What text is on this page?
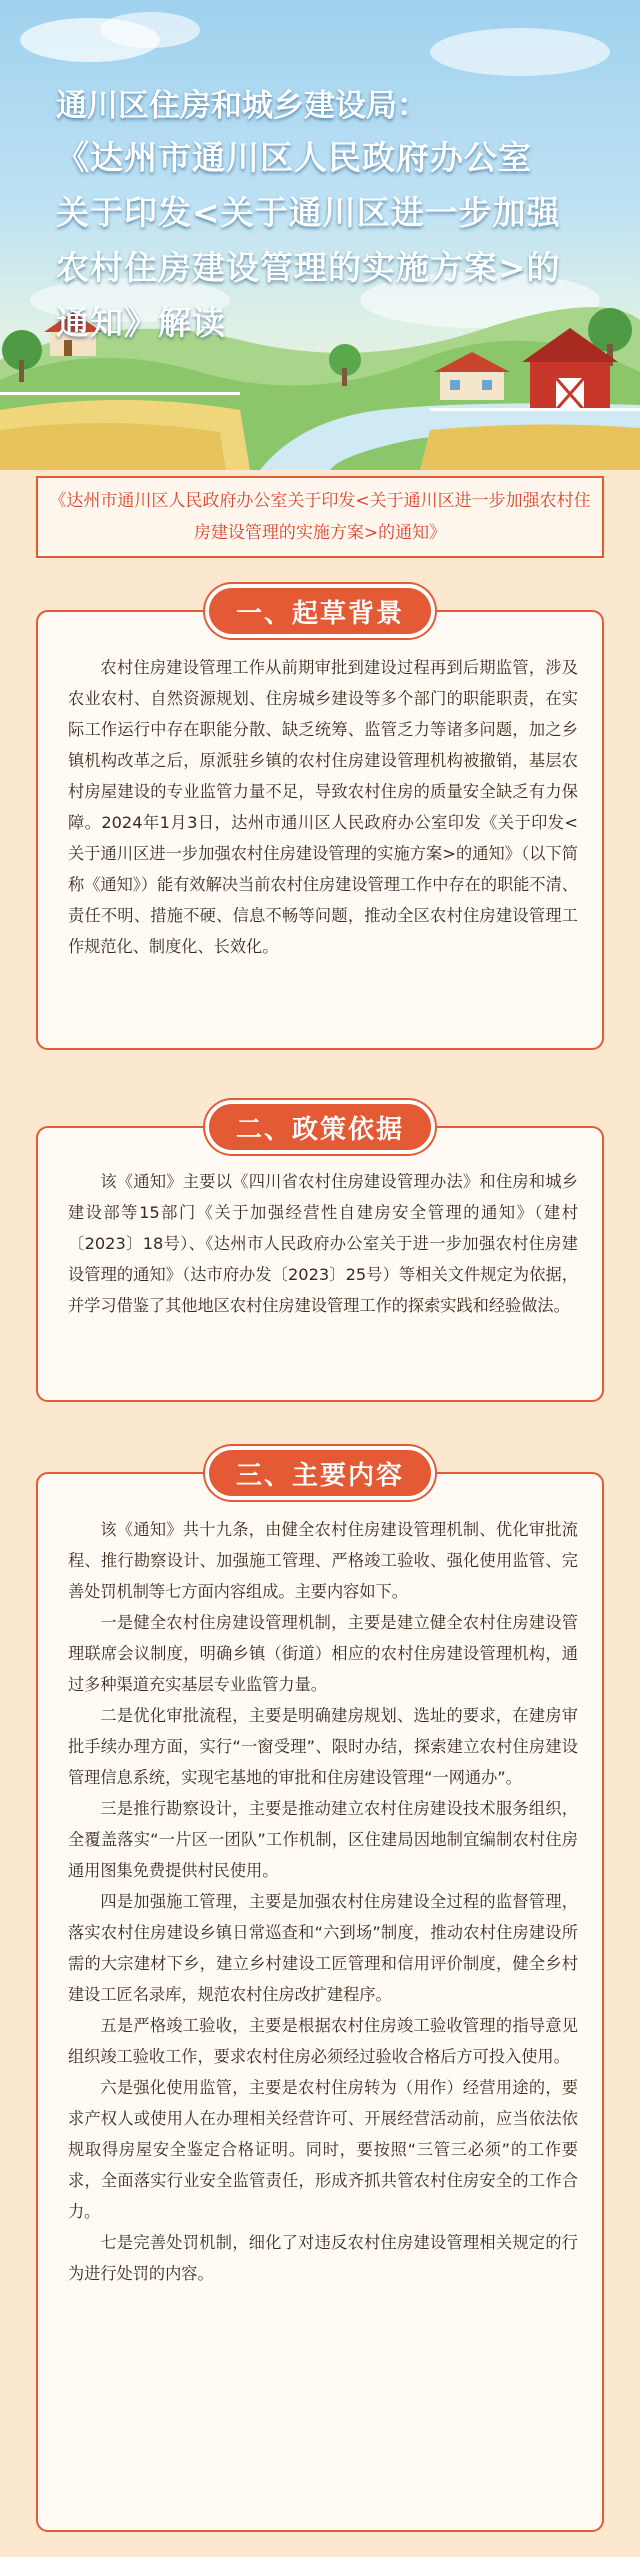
通川区住房和城乡建设局：
《达州市通川区人民政府办公室
关于印发<关于通川区进一步加强
农村住房建设管理的实施方案>的
通知》解读
《达州市通川区人民政府办公室关于印发<关于通川区进一步加强农村住房建设管理的实施方案>的通知》
一、起草背景

农村住房建设管理工作从前期审批到建设过程再到后期监管，涉及农业农村、自然资源规划、住房城乡建设等多个部门的职能职责，在实际工作运行中存在职能分散、缺乏统筹、监管乏力等诸多问题，加之乡镇机构改革之后，原派驻乡镇的农村住房建设管理机构被撤销，基层农村房屋建设的专业监管力量不足，导致农村住房的质量安全缺乏有力保障。2024年1月3日，达州市通川区人民政府办公室印发《关于印发<关于通川区进一步加强农村住房建设管理的实施方案>的通知》（以下简称《通知》）能有效解决当前农村住房建设管理工作中存在的职能不清、责任不明、措施不硬、信息不畅等问题，推动全区农村住房建设管理工作规范化、制度化、长效化。

二、政策依据

该《通知》主要以《四川省农村住房建设管理办法》和住房和城乡建设部等15部门《关于加强经营性自建房安全管理的通知》（建村〔2023〕18号）、《达州市人民政府办公室关于进一步加强农村住房建设管理的通知》（达市府办发〔2023〕25号）等相关文件规定为依据，并学习借鉴了其他地区农村住房建设管理工作的探索实践和经验做法。

三、主要内容

该《通知》共十九条，由健全农村住房建设管理机制、优化审批流程、推行勘察设计、加强施工管理、严格竣工验收、强化使用监管、完善处罚机制等七方面内容组成。主要内容如下。

一是健全农村住房建设管理机制，主要是建立健全农村住房建设管理联席会议制度，明确乡镇（街道）相应的农村住房建设管理机构，通过多种渠道充实基层专业监管力量。

二是优化审批流程，主要是明确建房规划、选址的要求，在建房审批手续办理方面，实行“一窗受理”、限时办结，探索建立农村住房建设管理信息系统，实现宅基地的审批和住房建设管理“一网通办”。

三是推行勘察设计，主要是推动建立农村住房建设技术服务组织，全覆盖落实“一片区一团队”工作机制，区住建局因地制宜编制农村住房通用图集免费提供村民使用。

四是加强施工管理，主要是加强农村住房建设全过程的监督管理，落实农村住房建设乡镇日常巡查和“六到场”制度，推动农村住房建设所需的大宗建材下乡，建立乡村建设工匠管理和信用评价制度，健全乡村建设工匠名录库，规范农村住房改扩建程序。

五是严格竣工验收，主要是根据农村住房竣工验收管理的指导意见组织竣工验收工作，要求农村住房必须经过验收合格后方可投入使用。

六是强化使用监管，主要是农村住房转为（用作）经营用途的，要求产权人或使用人在办理相关经营许可、开展经营活动前，应当依法依规取得房屋安全鉴定合格证明。同时，要按照“三管三必须”的工作要求，全面落实行业安全监管责任，形成齐抓共管农村住房安全的工作合力。

七是完善处罚机制，细化了对违反农村住房建设管理相关规定的行为进行处罚的内容。
